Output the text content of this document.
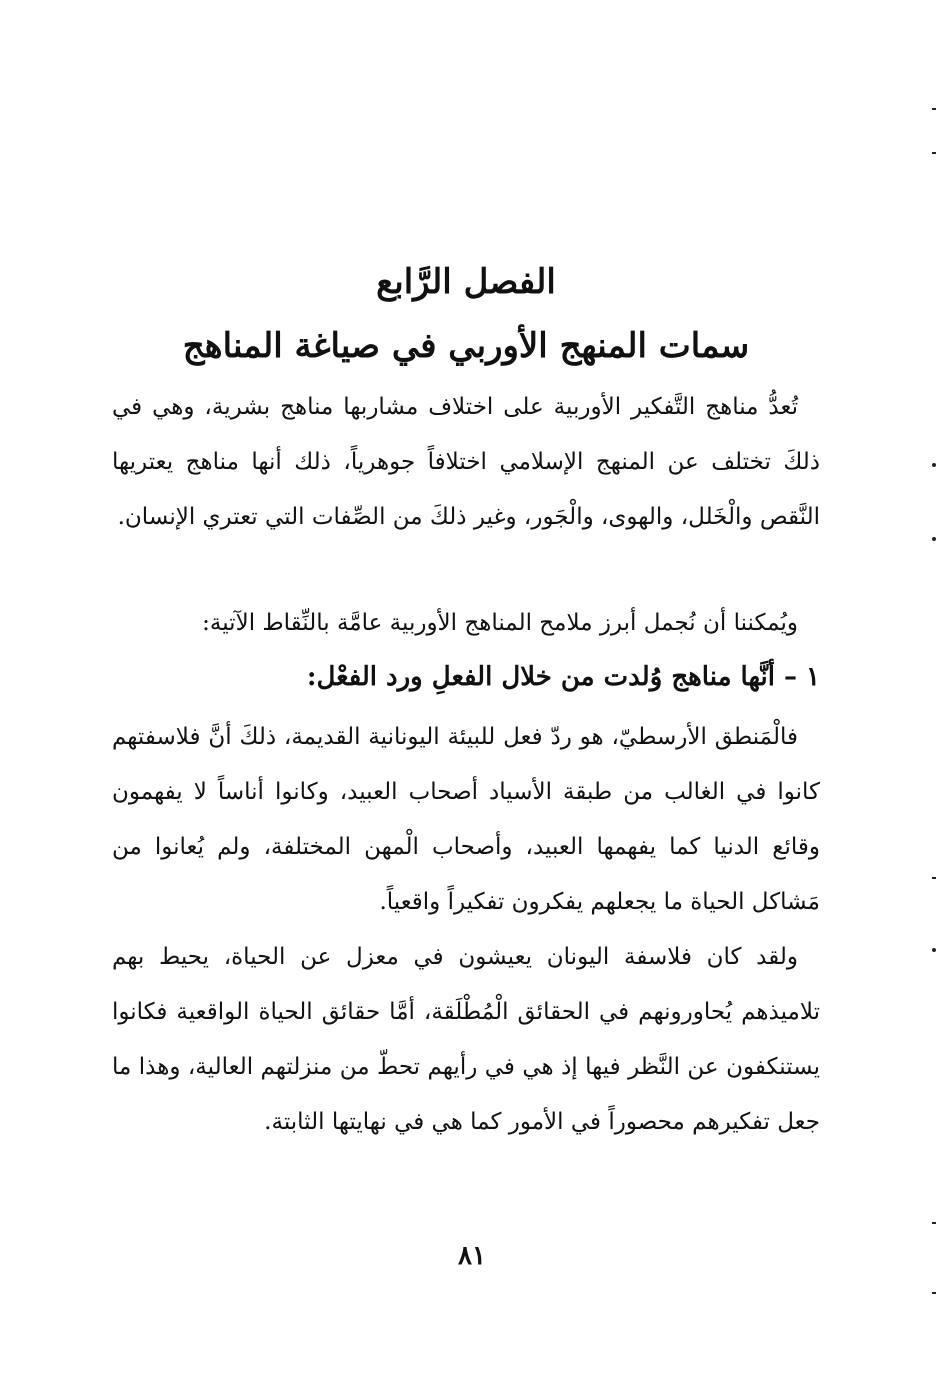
الفصل الرَّابع
سمات المنهج الأوربي في صياغة المناهج

تُعدُّ مناهج التَّفكير الأوربية على اختلاف مشاربها مناهج بشرية، وهي في ذلكَ تختلف عن المنهج الإسلامي اختلافاً جوهرياً، ذلك أنها مناهج يعتريها النَّقص والْخَلل، والهوى، والْجَور، وغير ذلكَ من الصِّفات التي تعتري الإنسان.

ويُمكننا أن نُجمل أبرز ملامح المناهج الأوربية عامَّة بالنِّقاط الآتية:

١ – أنَّها مناهج وُلدت من خلال الفعلِ ورد الفعْل:

فالْمَنطق الأرسطيّ، هو ردّ فعل للبيئة اليونانية القديمة، ذلكَ أنَّ فلاسفتهم كانوا في الغالب من طبقة الأسياد أصحاب العبيد، وكانوا أناساً لا يفهمون وقائع الدنيا كما يفهمها العبيد، وأصحاب الْمهن المختلفة، ولم يُعانوا من مَشاكل الحياة ما يجعلهم يفكرون تفكيراً واقعياً.

ولقد كان فلاسفة اليونان يعيشون في معزل عن الحياة، يحيط بهم تلاميذهم يُحاورونهم في الحقائق الْمُطْلَقة، أمَّا حقائق الحياة الواقعية فكانوا يستنكفون عن النَّظر فيها إذ هي في رأيهم تحطّ من منزلتهم العالية، وهذا ما جعل تفكيرهم محصوراً في الأمور كما هي في نهايتها الثابتة.

٨١
